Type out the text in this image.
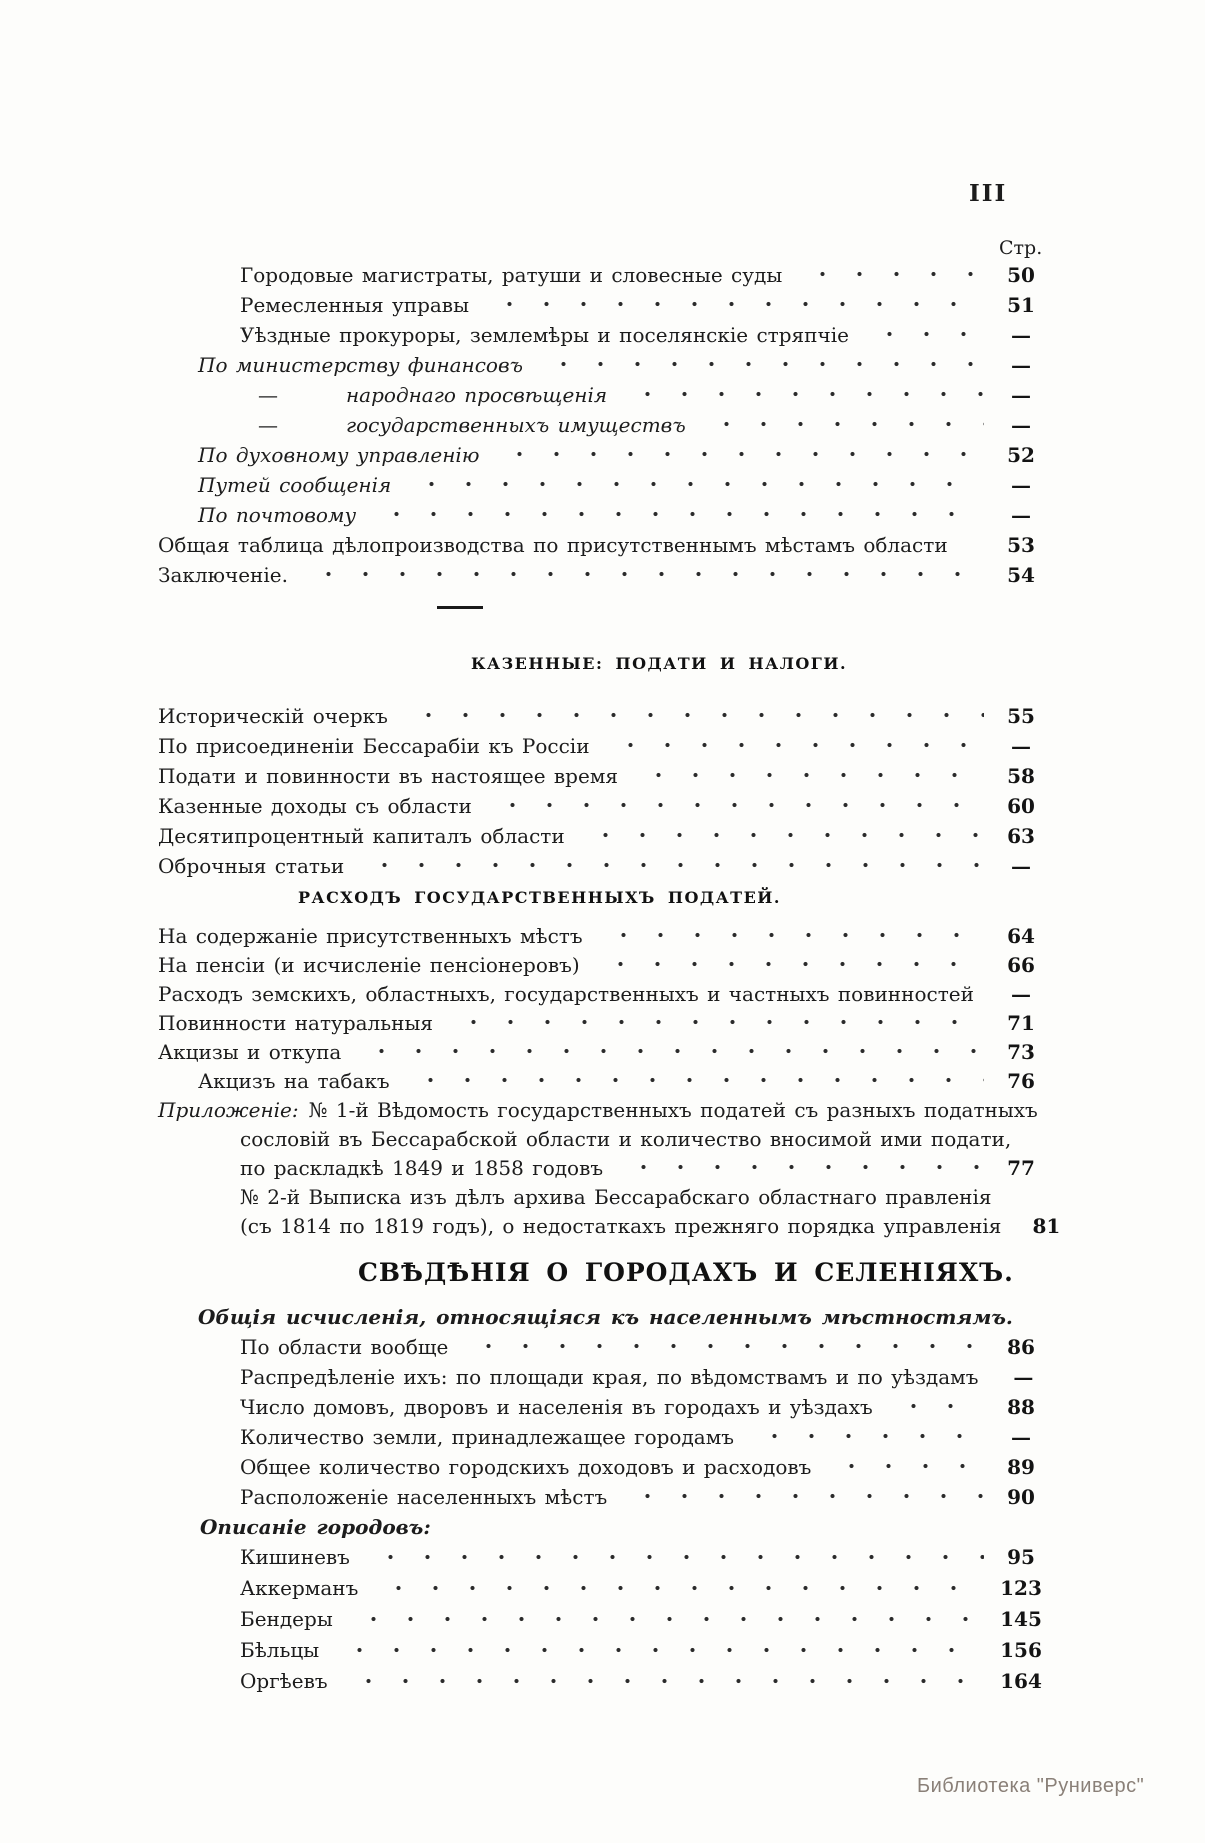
III
Стр.
Городовые магистраты, ратуши и словесные суды	50
Ремесленныя управы	51
Уѣздные прокуроры, землемѣры и поселянскіе стряпчіе	—
По министерству финансовъ	—
—	народнаго просвѣщенія	—
—	государственныхъ имуществъ	—
По духовному управленію	52
Путей сообщенія	—
По почтовому	—
Общая таблица дѣлопроизводства по присутственнымъ мѣстамъ области	53
Заключеніе.	54
КАЗЕННЫЕ: ПОДАТИ И НАЛОГИ.
Историческій очеркъ	55
По присоединеніи Бессарабіи къ Россіи	—
Подати и повинности въ настоящее время	58
Казенные доходы съ области	60
Десятипроцентный капиталъ области	63
Оброчныя статьи	—
РАСХОДЪ ГОСУДАРСТВЕННЫХЪ ПОДАТЕЙ.
На содержаніе присутственныхъ мѣстъ	64
На пенсіи (и исчисленіе пенсіонеровъ)	66
Расходъ земскихъ, областныхъ, государственныхъ и частныхъ повинностей	—
Повинности натуральныя	71
Акцизы и откупа	73
Акцизъ на табакъ	76
Приложеніе: № 1-й Вѣдомость государственныхъ податей съ разныхъ податныхъ
сословій въ Бессарабской области и количество вносимой ими подати,
по раскладкѣ 1849 и 1858 годовъ	77
№ 2-й Выписка изъ дѣлъ архива Бессарабскаго областнаго правленія
(съ 1814 по 1819 годъ), о недостаткахъ прежняго порядка управленія	81
СВѢДѢНІЯ О ГОРОДАХЪ И СЕЛЕНІЯХЪ.
Общія исчисленія, относящіяся къ населеннымъ мѣстностямъ.
По области вообще	86
Распредѣленіе ихъ: по площади края, по вѣдомствамъ и по уѣздамъ	—
Число домовъ, дворовъ и населенія въ городахъ и уѣздахъ	88
Количество земли, принадлежащее городамъ	—
Общее количество городскихъ доходовъ и расходовъ	89
Расположеніе населенныхъ мѣстъ	90
Описаніе городовъ:
Кишиневъ	95
Аккерманъ	123
Бендеры	145
Бѣльцы	156
Оргѣевъ	164
Библиотека "Руниверс"
